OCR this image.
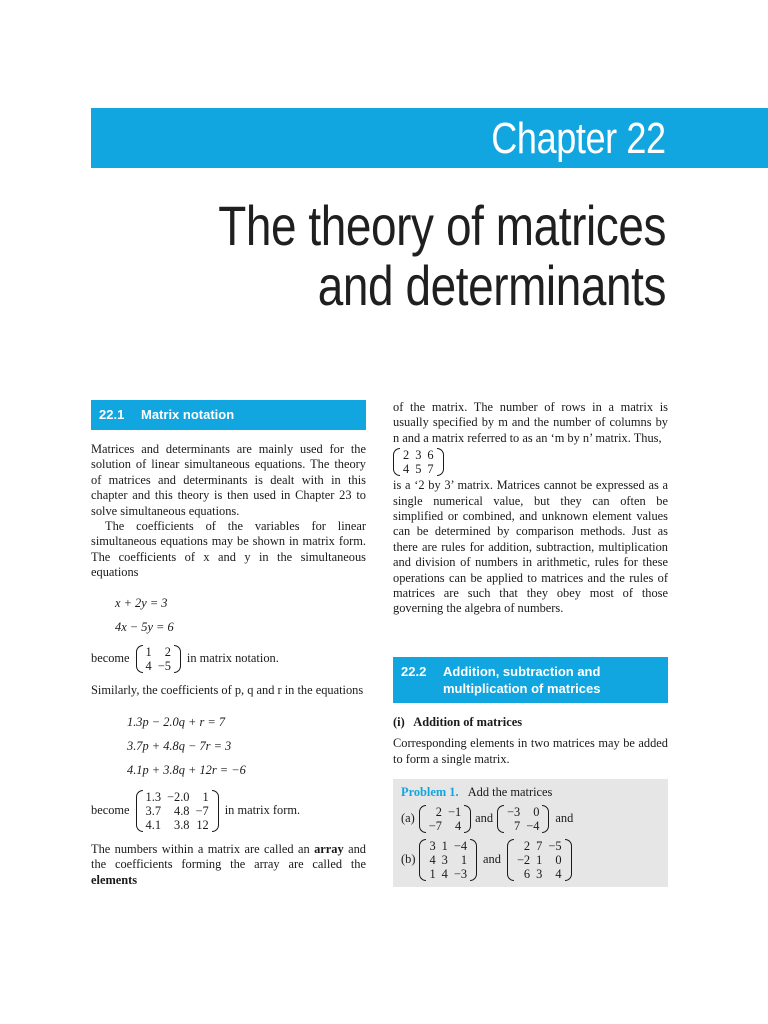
Chapter 22
The theory of matrices and determinants
22.1 Matrix notation

Matrices and determinants are mainly used for the solution of linear simultaneous equations. The theory of matrices and determinants is dealt with in this chapter and this theory is then used in Chapter 23 to solve simultaneous equations.

The coefficients of the variables for linear simultaneous equations may be shown in matrix form. The coefficients of x and y in the simultaneous equations

x + 2y = 3
4x − 5y = 6
become 1	2
4	−5
in matrix notation.

Similarly, the coefficients of p, q and r in the equations

1.3p − 2.0q + r = 7
3.7p + 4.8q − 7r = 3
4.1p + 3.8q + 12r = −6
become
1.3	−2.0	1
3.7	4.8	−7
4.1	3.8	12
in matrix form.

The numbers within a matrix are called an array and the coefficients forming the array are called the elements

of the matrix. The number of rows in a matrix is usually specified by m and the number of columns by n and a matrix referred to as an ‘m by n’ matrix. Thus,

2	3	6
4	5	7

is a ‘2 by 3’ matrix. Matrices cannot be expressed as a single numerical value, but they can often be simplified or combined, and unknown element values can be determined by comparison methods. Just as there are rules for addition, subtraction, multiplication and division of numbers in arithmetic, rules for these operations can be applied to matrices and the rules of matrices are such that they obey most of those governing the algebra of numbers.

22.2 Addition, subtraction and multiplication of matrices
(i)   Addition of matrices

Corresponding elements in two matrices may be added to form a single matrix.

Problem 1. Add the matrices
(a) 2	−1
−7	4
and −3	0
7	−4
and
(b)
3	1	−4
4	3	1
1	4	−3
and
2	7	−5
−2	1	0
6	3	4
